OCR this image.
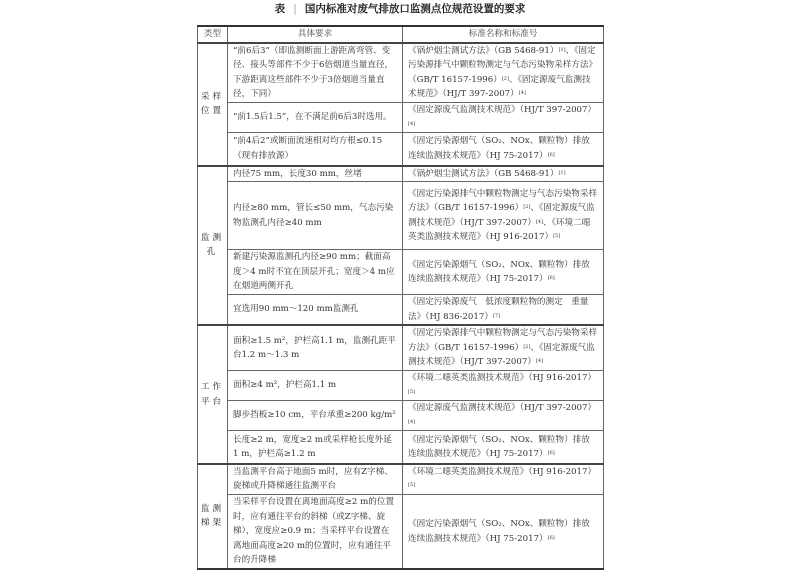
表 | 国内标准对废气排放口监测点位规范设置的要求
类型	具体要求	标准名称和标准号
采样位置	“前6后3”（即监测断面上游距离弯管、变径、接头等部件不少于6倍烟道当量直径，下游距离这些部件不少于3倍烟道当量直径，下同）	《锅炉烟尘测试方法》（GB 5468-91）[1]、《固定污染源排气中颗粒物测定与气态污染物采样方法》（GB/T 16157-1996）[2]、《固定源废气监测技术规范》（HJ/T 397-2007）[4]
	“前1.5后1.5”，在不满足前6后3时选用。	《固定源废气监测技术规范》（HJ/T 397-2007）[4]
	“前4后2”或断面流速相对均方根≤0.15（现有排放源）	《固定污染源烟气（SO₂、NOx、颗粒物）排放连续监测技术规范》（HJ 75-2017）[6]
监测孔	内径75 mm，长度30 mm，丝堵	《锅炉烟尘测试方法》（GB 5468-91）[1]
	内径≥80 mm，管长≤50 mm，气态污染物监测孔内径≥40 mm	《固定污染源排气中颗粒物测定与气态污染物采样方法》（GB/T 16157-1996）[2]、《固定源废气监测技术规范》（HJ/T 397-2007）[4]、《环境二噁英类监测技术规范》（HJ 916-2017）[5]
	新建污染源监测孔内径≥90 mm；截面高度＞4 m时不宜在顶层开孔；宽度＞4 m应在烟道两侧开孔	《固定污染源烟气（SO₂、NOx、颗粒物）排放连续监测技术规范》（HJ 75-2017）[6]
	宜选用90 mm～120 mm监测孔	《固定污染源废气　低浓度颗粒物的测定　重量法》（HJ 836-2017）[7]
工作平台	面积≥1.5 m²，护栏高1.1 m，监测孔距平台1.2 m～1.3 m	《固定污染源排气中颗粒物测定与气态污染物采样方法》（GB/T 16157-1996）[2]、《固定源废气监测技术规范》（HJ/T 397-2007）[4]
	面积≥4 m²，护栏高1.1 m	《环境二噁英类监测技术规范》（HJ 916-2017）[5]
	脚步挡板≥10 cm，平台承重≥200 kg/m²	《固定源废气监测技术规范》（HJ/T 397-2007）[4]
	长度≥2 m，宽度≥2 m或采样枪长度外延1 m，护栏高≥1.2 m	《固定污染源烟气（SO₂、NOx、颗粒物）排放连续监测技术规范》（HJ 75-2017）[6]
监测梯架	当监测平台高于地面5 m时，应有Z字梯、旋梯或升降梯通往监测平台	《环境二噁英类监测技术规范》（HJ 916-2017）[5]
	当采样平台设置在离地面高度≥2 m的位置时，应有通往平台的斜梯（或Z字梯、旋梯），宽度应≥0.9 m；当采样平台设置在离地面高度≥20 m的位置时，应有通往平台的升降梯	《固定污染源烟气（SO₂、NOx、颗粒物）排放连续监测技术规范》（HJ 75-2017）[6]
